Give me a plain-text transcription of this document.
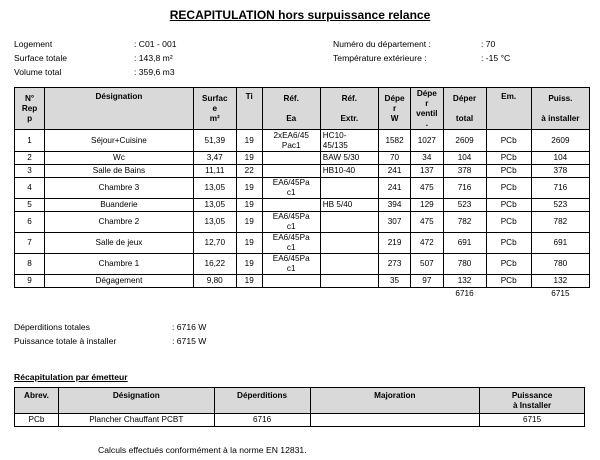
RECAPITULATION hors surpuissance relance
Logement	: C01 - 001
Surface totale	: 143,8 m²
Volume total	: 359,6 m3
Numéro du département :	: 70
Température extérieure :	: -15 °C
N°
Rep
p	Désignation	Surfac
e
m²	Ti	Réf.

Ea	Réf.

Extr.	Dépe
r
W	Dépe
r
ventil
.	Déper

total	Em.	Puiss.

à installer
1	Séjour+Cuisine	51,39	19	2xEA6/45
Pac1	HC10-
45/135	1582	1027	2609	PCb	2609
2	Wc	3,47	19		BAW 5/30	70	34	104	PCb	104
3	Salle de Bains	11,11	22		HB10-40	241	137	378	PCb	378
4	Chambre 3	13,05	19	EA6/45Pa
c1		241	475	716	PCb	716
5	Buanderie	13,05	19		HB 5/40	394	129	523	PCb	523
6	Chambre 2	13,05	19	EA6/45Pa
c1		307	475	782	PCb	782
7	Salle de jeux	12,70	19	EA6/45Pa
c1		219	472	691	PCb	691
8	Chambre 1	16,22	19	EA6/45Pa
c1		273	507	780	PCb	780
9	Dégagement	9,80	19			35	97	132	PCb	132
								6716		6715
Déperditions totales	: 6716 W
Puissance totale à installer	: 6715 W
Récapitulation par émetteur
Abrev.	Désignation	Déperditions	Majoration	Puissance
à Installer
PCb	Plancher Chauffant PCBT	6716		6715
Calculs effectués conformément à la norme EN 12831.
